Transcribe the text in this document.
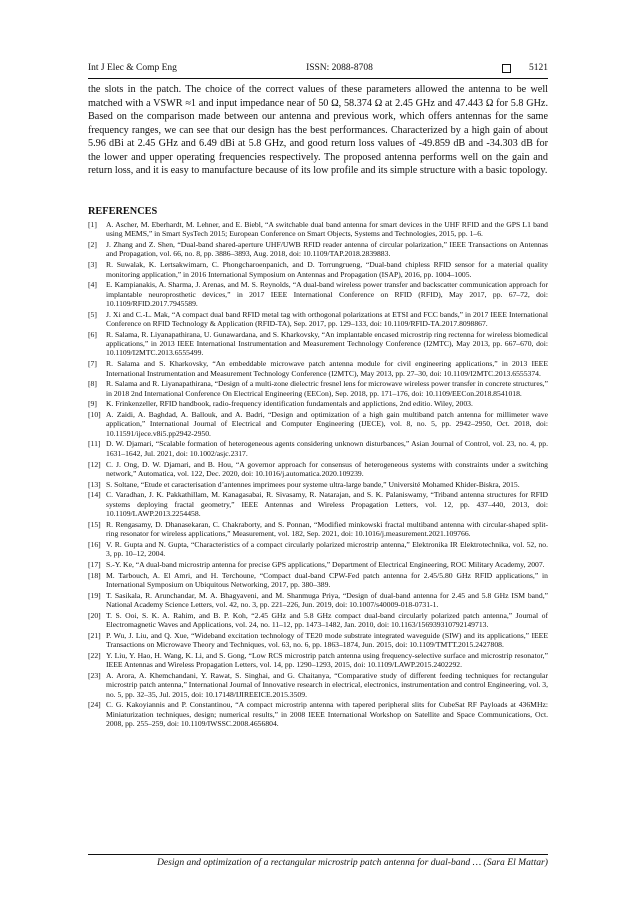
Int J Elec & Comp Eng	ISSN: 2088-8708	5121

the slots in the patch. The choice of the correct values of these parameters allowed the antenna to be well matched with a VSWR ≈1 and input impedance near of 50 Ω, 58.374 Ω at 2.45 GHz and 47.443 Ω for 5.8 GHz. Based on the comparison made between our antenna and previous work, which offers antennas for the same frequency ranges, we can see that our design has the best performances. Characterized by a high gain of about 5.96 dBi at 2.45 GHz and 6.49 dBi at 5.8 GHz, and good return loss values of -49.859 dB and -34.303 dB for the lower and upper operating frequencies respectively. The proposed antenna performs well on the gain and return loss, and it is easy to manufacture because of its low profile and its simple structure with a basic topology.

REFERENCES
[1]	A. Ascher, M. Eberhardt, M. Lehner, and E. Biebl, “A switchable dual band antenna for smart devices in the UHF RFID and the GPS L1 band using MEMS,” in Smart SysTech 2015; European Conference on Smart Objects, Systems and Technologies, 2015, pp. 1–6.
[2]	J. Zhang and Z. Shen, “Dual-band shared-aperture UHF/UWB RFID reader antenna of circular polarization,” IEEE Transactions on Antennas and Propagation, vol. 66, no. 8, pp. 3886–3893, Aug. 2018, doi: 10.1109/TAP.2018.2839883.
[3]	R. Suwalak, K. Lertsakwimarn, C. Phongcharoenpanich, and D. Torrungrueng, “Dual-band chipless RFID sensor for a material quality monitoring application,” in 2016 International Symposium on Antennas and Propagation (ISAP), 2016, pp. 1004–1005.
[4]	E. Kampianakis, A. Sharma, J. Arenas, and M. S. Reynolds, “A dual-band wireless power transfer and backscatter communication approach for implantable neuroprosthetic devices,” in 2017 IEEE International Conference on RFID (RFID), May 2017, pp. 67–72, doi: 10.1109/RFID.2017.7945589.
[5]	J. Xi and C.-L. Mak, “A compact dual band RFID metal tag with orthogonal polarizations at ETSI and FCC bands,” in 2017 IEEE International Conference on RFID Technology & Application (RFID-TA), Sep. 2017, pp. 129–133, doi: 10.1109/RFID-TA.2017.8098867.
[6]	R. Salama, R. Liyanapathirana, U. Gunawardana, and S. Kharkovsky, “An implantable encased microstrip ring rectenna for wireless biomedical applications,” in 2013 IEEE International Instrumentation and Measurement Technology Conference (I2MTC), May 2013, pp. 667–670, doi: 10.1109/I2MTC.2013.6555499.
[7]	R. Salama and S. Kharkovsky, “An embeddable microwave patch antenna module for civil engineering applications,” in 2013 IEEE International Instrumentation and Measurement Technology Conference (I2MTC), May 2013, pp. 27–30, doi: 10.1109/I2MTC.2013.6555374.
[8]	R. Salama and R. Liyanapathirana, “Design of a multi-zone dielectric fresnel lens for microwave wireless power transfer in concrete structures,” in 2018 2nd International Conference On Electrical Engineering (EECon), Sep. 2018, pp. 171–176, doi: 10.1109/EECon.2018.8541018.
[9]	K. Frinkenzeller, RFID handbook, radio-frequency identification fundamentals and applictions, 2nd editio. Wiley, 2003.
[10] A. Zaidi, A. Baghdad, A. Ballouk, and A. Badri, “Design and optimization of a high gain multiband patch antenna for millimeter wave application,” International Journal of Electrical and Computer Engineering (IJECE), vol. 8, no. 5, pp. 2942–2950, Oct. 2018, doi: 10.11591/ijece.v8i5.pp2942-2950.
[11] D. W. Djamari, “Scalable formation of heterogeneous agents considering unknown disturbances,” Asian Journal of Control, vol. 23, no. 4, pp. 1631–1642, Jul. 2021, doi: 10.1002/asjc.2317.
[12] C. J. Ong, D. W. Djamari, and B. Hou, “A governor approach for consensus of heterogeneous systems with constraints under a switching network,” Automatica, vol. 122, Dec. 2020, doi: 10.1016/j.automatica.2020.109239.
[13] S. Soltane, “Etude et caracterisation d’antennes imprimees pour systeme ultra-large bande,” Université Mohamed Khider-Biskra, 2015.
[14] C. Varadhan, J. K. Pakkathillam, M. Kanagasabai, R. Sivasamy, R. Natarajan, and S. K. Palaniswamy, “Triband antenna structures for RFID systems deploying fractal geometry,” IEEE Antennas and Wireless Propagation Letters, vol. 12, pp. 437–440, 2013, doi: 10.1109/LAWP.2013.2254458.
[15] R. Rengasamy, D. Dhanasekaran, C. Chakraborty, and S. Ponnan, “Modified minkowski fractal multiband antenna with circular-shaped split-ring resonator for wireless applications,” Measurement, vol. 182, Sep. 2021, doi: 10.1016/j.measurement.2021.109766.
[16] V. R. Gupta and N. Gupta, “Characteristics of a compact circularly polarized microstrip antenna,” Elektronika IR Elektrotechnika, vol. 52, no. 3, pp. 10–12, 2004.
[17] S.-Y. Ke, “A dual-band microstrip antenna for precise GPS applications,” Department of Electrical Engineering, ROC Military Academy, 2007.
[18] M. Tarbouch, A. El Amri, and H. Terchoune, “Compact dual-band CPW-Fed patch antenna for 2.45/5.80 GHz RFID applications,” in International Symposium on Ubiquitous Networking, 2017, pp. 380–389.
[19] T. Sasikala, R. Arunchandar, M. A. Bhagyaveni, and M. Shanmuga Priya, “Design of dual-band antenna for 2.45 and 5.8 GHz ISM band,” National Academy Science Letters, vol. 42, no. 3, pp. 221–226, Jun. 2019, doi: 10.1007/s40009-018-0731-1.
[20] T. S. Ooi, S. K. A. Rahim, and B. P. Koh, “2.45 GHz and 5.8 GHz compact dual-band circularly polarized patch antenna,” Journal of Electromagnetic Waves and Applications, vol. 24, no. 11–12, pp. 1473–1482, Jan. 2010, doi: 10.1163/156939310792149713.
[21] P. Wu, J. Liu, and Q. Xue, “Wideband excitation technology of TE20 mode substrate integrated waveguide (SIW) and its applications,” IEEE Transactions on Microwave Theory and Techniques, vol. 63, no. 6, pp. 1863–1874, Jun. 2015, doi: 10.1109/TMTT.2015.2427808.
[22] Y. Liu, Y. Hao, H. Wang, K. Li, and S. Gong, “Low RCS microstrip patch antenna using frequency-selective surface and microstrip resonator,” IEEE Antennas and Wireless Propagation Letters, vol. 14, pp. 1290–1293, 2015, doi: 10.1109/LAWP.2015.2402292.
[23] A. Arora, A. Khemchandani, Y. Rawat, S. Singhai, and G. Chaitanya, “Comparative study of different feeding techniques for rectangular microstrip patch antenna,” International Journal of Innovative research in electrical, electronics, instrumentation and control Engineering, vol. 3, no. 5, pp. 32–35, Jul. 2015, doi: 10.17148/IJIREEICE.2015.3509.
[24] C. G. Kakoyiannis and P. Constantinou, “A compact microstrip antenna with tapered peripheral slits for CubeSat RF Payloads at 436MHz: Miniaturization techniques, design; numerical results,” in 2008 IEEE International Workshop on Satellite and Space Communications, Oct. 2008, pp. 255–259, doi: 10.1109/IWSSC.2008.4656804.
Design and optimization of a rectangular microstrip patch antenna for dual-band … (Sara El Mattar)
